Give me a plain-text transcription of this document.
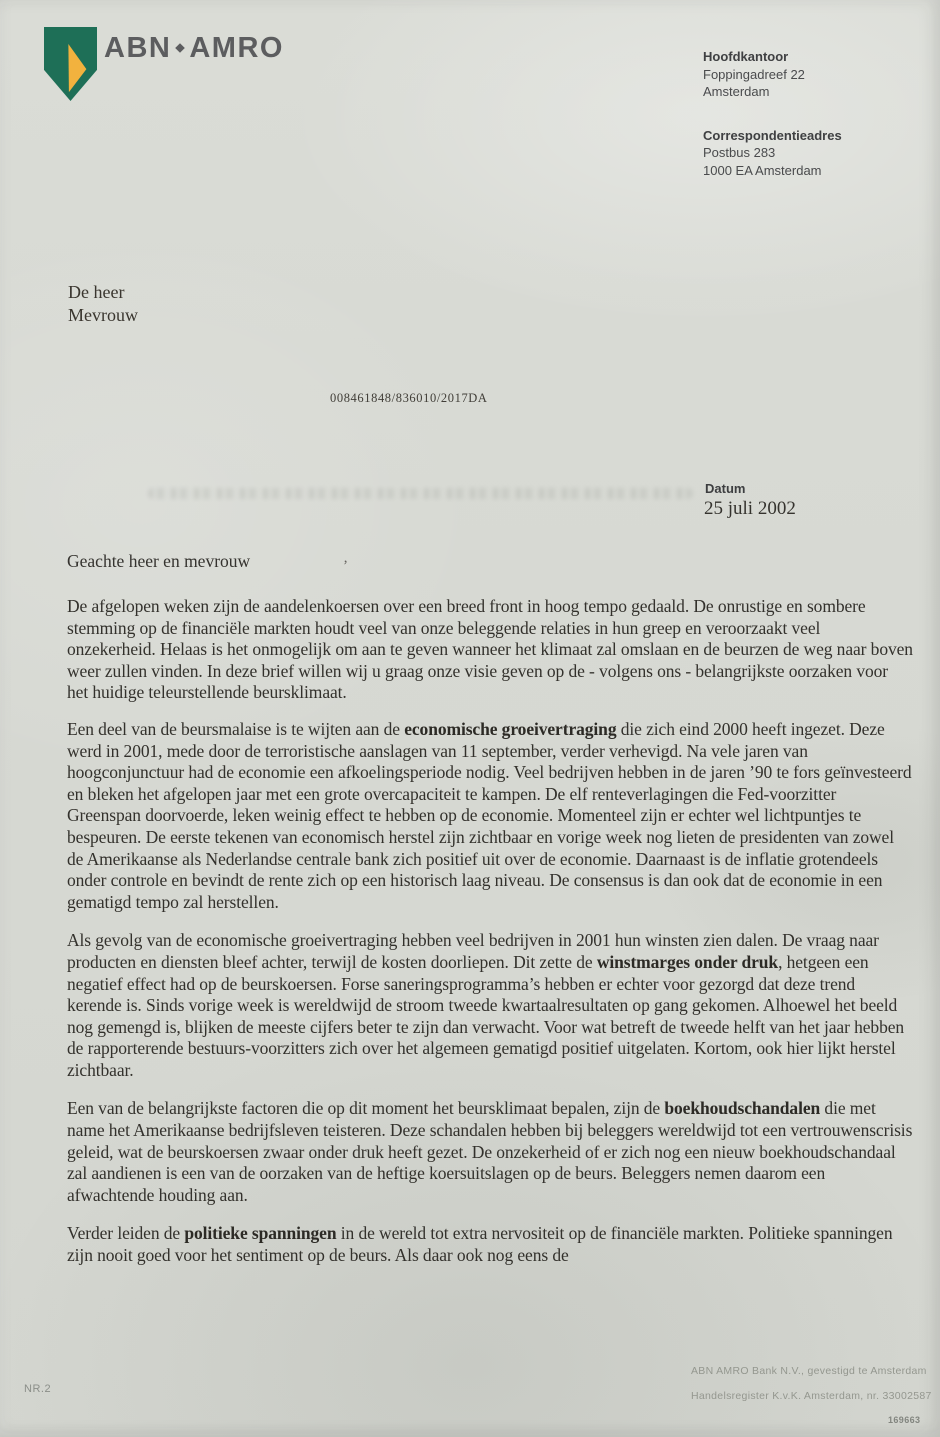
ABN AMRO	Hoofdkantoor
Foppingadreef 22
Amsterdam
Correspondentieadres
Postbus 283
1000 EA Amsterdam
De heer
Mevrouw
008461848/836010/2017DA
Datum
25 juli 2002
Geachte heer en mevrouw	’

De afgelopen weken zijn de aandelenkoersen over een breed front in hoog tempo gedaald. De onrustige en sombere stemming op de financiële markten houdt veel van onze beleggende relaties in hun greep en veroorzaakt veel onzekerheid. Helaas is het onmogelijk om aan te geven wanneer het klimaat zal omslaan en de beurzen de weg naar boven weer zullen vinden. In deze brief willen wij u graag onze visie geven op de - volgens ons - belangrijkste oorzaken voor het huidige teleurstellende beursklimaat.

Een deel van de beursmalaise is te wijten aan de economische groeivertraging die zich eind 2000 heeft ingezet. Deze werd in 2001, mede door de terroristische aanslagen van 11 september, verder verhevigd. Na vele jaren van hoogconjunctuur had de economie een afkoelingsperiode nodig. Veel bedrijven hebben in de jaren ’90 te fors geïnvesteerd en bleken het afgelopen jaar met een grote overcapaciteit te kampen. De elf renteverlagingen die Fed-voorzitter Greenspan doorvoerde, leken weinig effect te hebben op de economie. Momenteel zijn er echter wel lichtpuntjes te bespeuren. De eerste tekenen van economisch herstel zijn zichtbaar en vorige week nog lieten de presidenten van zowel de Amerikaanse als Nederlandse centrale bank zich positief uit over de economie. Daarnaast is de inflatie grotendeels onder controle en bevindt de rente zich op een historisch laag niveau. De consensus is dan ook dat de economie in een gematigd tempo zal herstellen.

Als gevolg van de economische groeivertraging hebben veel bedrijven in 2001 hun winsten zien dalen. De vraag naar producten en diensten bleef achter, terwijl de kosten doorliepen. Dit zette de winstmarges onder druk, hetgeen een negatief effect had op de beurskoersen. Forse saneringsprogramma’s hebben er echter voor gezorgd dat deze trend kerende is. Sinds vorige week is wereldwijd de stroom tweede kwartaalresultaten op gang gekomen. Alhoewel het beeld nog gemengd is, blijken de meeste cijfers beter te zijn dan verwacht. Voor wat betreft de tweede helft van het jaar hebben de rapporterende bestuurs-voorzitters zich over het algemeen gematigd positief uitgelaten. Kortom, ook hier lijkt herstel zichtbaar.

Een van de belangrijkste factoren die op dit moment het beursklimaat bepalen, zijn de boekhoudschandalen die met name het Amerikaanse bedrijfsleven teisteren. Deze schandalen hebben bij beleggers wereldwijd tot een vertrouwenscrisis geleid, wat de beurskoersen zwaar onder druk heeft gezet. De onzekerheid of er zich nog een nieuw boekhoudschandaal zal aandienen is een van de oorzaken van de heftige koersuitslagen op de beurs. Beleggers nemen daarom een afwachtende houding aan.

Verder leiden de politieke spanningen in de wereld tot extra nervositeit op de financiële markten. Politieke spanningen zijn nooit goed voor het sentiment op de beurs. Als daar ook nog eens de

NR.2
ABN AMRO Bank N.V., gevestigd te Amsterdam
Handelsregister K.v.K. Amsterdam, nr. 33002587
169663
